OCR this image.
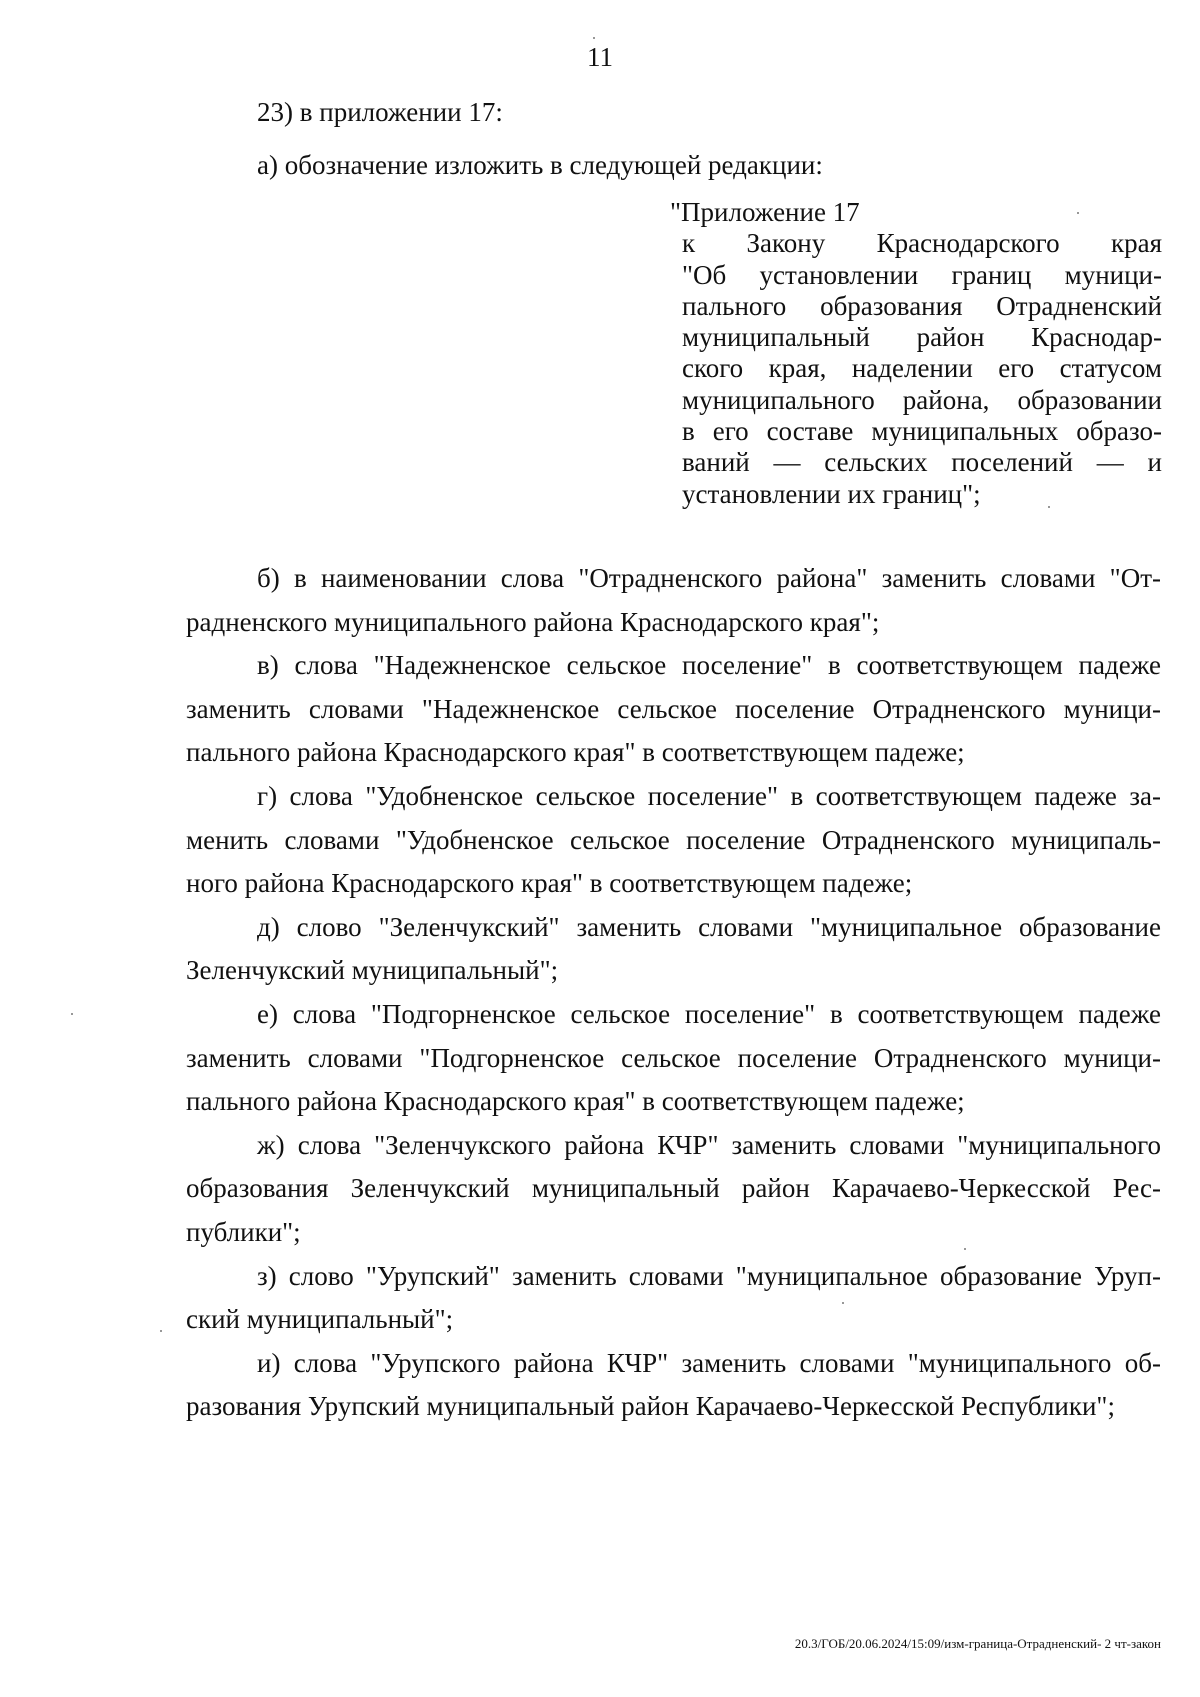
11
23) в приложении 17:
а) обозначение изложить в следующей редакции:
"Приложение 17
к Закону Краснодарского края
"Об установлении границ муници-
пального образования Отрадненский
муниципальный район Краснодар-
ского края, наделении его статусом
муниципального района, образовании
в его составе муниципальных образо-
ваний — сельских поселений — и
установлении их границ";
б) в наименовании слова "Отрадненского района" заменить словами "От-
радненского муниципального района Краснодарского края";
в) слова "Надежненское сельское поселение" в соответствующем падеже
заменить словами "Надежненское сельское поселение Отрадненского муници-
пального района Краснодарского края" в соответствующем падеже;
г) слова "Удобненское сельское поселение" в соответствующем падеже за-
менить словами "Удобненское сельское поселение Отрадненского муниципаль-
ного района Краснодарского края" в соответствующем падеже;
д) слово "Зеленчукский" заменить словами "муниципальное образование
Зеленчукский муниципальный";
е) слова "Подгорненское сельское поселение" в соответствующем падеже
заменить словами "Подгорненское сельское поселение Отрадненского муници-
пального района Краснодарского края" в соответствующем падеже;
ж) слова "Зеленчукского района КЧР" заменить словами "муниципального
образования Зеленчукский муниципальный район Карачаево-Черкесской Рес-
публики";
з) слово "Урупский" заменить словами "муниципальное образование Уруп-
ский муниципальный";
и) слова "Урупского района КЧР" заменить словами "муниципального об-
разования Урупский муниципальный район Карачаево-Черкесской Республики";
20.3/ГОБ/20.06.2024/15:09/изм-граница-Отрадненский- 2 чт-закон
